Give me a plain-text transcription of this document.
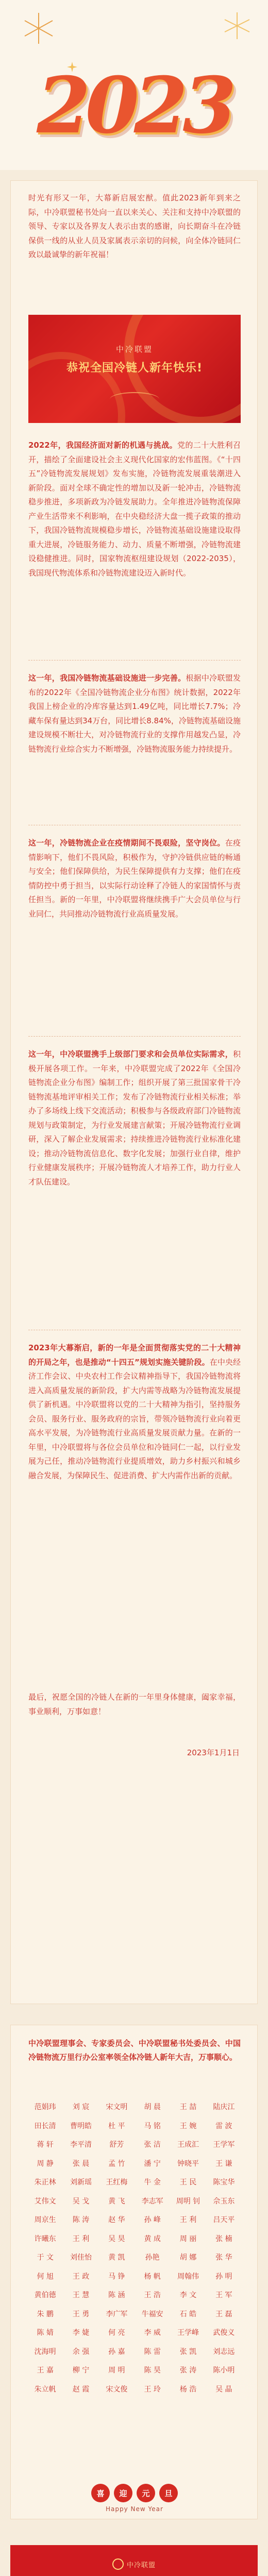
2023

时光有形又一年，大幕新启展宏猷。值此2023新年到来之际，中冷联盟秘书处向一直以来关心、关注和支持中冷联盟的领导、专家以及各界友人表示由衷的感谢，向长期奋斗在冷链保供一线的从业人员及家属表示亲切的问候，向全体冷链同仁致以最诚挚的新年祝福！

中冷联盟
恭祝全国冷链人新年快乐!

2022年，我国经济面对新的机遇与挑战。党的二十大胜利召开，描绘了全面建设社会主义现代化国家的宏伟蓝图。《“十四五”冷链物流发展规划》发布实施，冷链物流发展重装潮进入新阶段。面对全球不确定性的增加以及新一轮冲击，冷链物流稳步推进，多项新政为冷链发展助力。全年推进冷链物流保障产业生活带来不利影响，在中央稳经济大盘一揽子政策的推动下，我国冷链物流规模稳步增长，冷链物流基础设施建设取得重大进展，冷链服务能力、动力、质量不断增强，冷链物流建设稳健推进。同时，国家物流枢纽建设规划（2022-2035），我国现代物流体系和冷链物流建设迈入新时代。

这一年，我国冷链物流基础设施进一步完善。根据中冷联盟发布的2022年《全国冷链物流企业分布图》统计数据，2022年我国上榜企业的冷库容量达到1.49亿吨，同比增长7.7%；冷藏车保有量达到34万台，同比增长8.84%，冷链物流基础设施建设规模不断壮大，对冷链物流行业的支撑作用越发凸显，冷链物流行业综合实力不断增强，冷链物流服务能力持续提升。

这一年，冷链物流企业在疫情期间不畏艰险，坚守岗位。在疫情影响下，他们不畏风险，积极作为，守护冷链供应链的畅通与安全；他们保障供给，为民生保障提供有力支撑；他们在疫情防控中勇于担当，以实际行动诠释了冷链人的家国情怀与责任担当。新的一年里，中冷联盟将继续携手广大会员单位与行业同仁，共同推动冷链物流行业高质量发展。

这一年，中冷联盟携手上级部门要求和会员单位实际需求，积极开展各项工作。一年来，中冷联盟完成了2022年《全国冷链物流企业分布图》编制工作；组织开展了第三批国家骨干冷链物流基地评审相关工作；发布了冷链物流行业相关标准；举办了多场线上线下交流活动；积极参与各级政府部门冷链物流规划与政策制定，为行业发展建言献策；开展冷链物流行业调研，深入了解企业发展需求；持续推进冷链物流行业标准化建设；推动冷链物流信息化、数字化发展；加强行业自律，维护行业健康发展秩序；开展冷链物流人才培养工作，助力行业人才队伍建设。

2023年大幕渐启，新的一年是全面贯彻落实党的二十大精神的开局之年，也是推动“十四五”规划实施关键阶段。在中央经济工作会议、中央农村工作会议精神指导下，我国冷链物流将进入高质量发展的新阶段，扩大内需等战略为冷链物流发展提供了新机遇。中冷联盟将以党的二十大精神为指引，坚持服务会员、服务行业、服务政府的宗旨，带领冷链物流行业向着更高水平发展，为冷链物流行业高质量发展贡献力量。在新的一年里，中冷联盟将与各位会员单位和冷链同仁一起，以行业发展为己任，推动冷链物流行业提质增效，助力乡村振兴和城乡融合发展，为保障民生、促进消费、扩大内需作出新的贡献。

最后，祝愿全国的冷链人在新的一年里身体健康，阖家幸福，事业顺利，万事如意！

2023年1月1日
中冷联盟理事会、专家委员会、中冷联盟秘书处委员会、中国冷链物流万里行办公室率领全体冷链人新年大吉，万事顺心。
范娟玮	刘 宸	宋文明	胡 晨	王 喆	陆庆江
田长清	曹明皓	杜 平	马 铭	王 婉	雷 波
蒋 轩	李平清	舒芳	张 洁	王成汇	王学军
周 静	张 晨	孟 竹	潘 宁	钟晓平	王 谦
朱正林	刘新瑶	王红梅	牛 金	王 民	陈宝华
艾伟文	吴 戈	黄 飞	李志军	周明 钊	佘玉东
周京生	陈 涛	赵 华	孙 峰	王 利	吕天平
许曦东	王 利	吴 昊	黄 成	周 丽	张 楠
于 文	刘佳怡	黄 凯	孙艳	胡 娜	张 华
何 旭	王 政	马 铮	杨 帆	周翰伟	孙 明
黄伯德	王 慧	陈 涵	王 浩	李 文	王 军
朱 鹏	王 勇	李广军	牛福安	石 皓	王 磊
陈 婧	李 婕	何 亮	李 威	王学峰	武俊义
沈海明	余 强	孙 嘉	陈 雷	张 凯	刘志远
王 嘉	柳 宁	周 明	陈 昊	张 涛	陈小明
朱立帆	赵 霞	宋文俊	王 玲	杨 浩	吴 晶
喜	迎	元	旦
Happy New Year
中冷联盟
